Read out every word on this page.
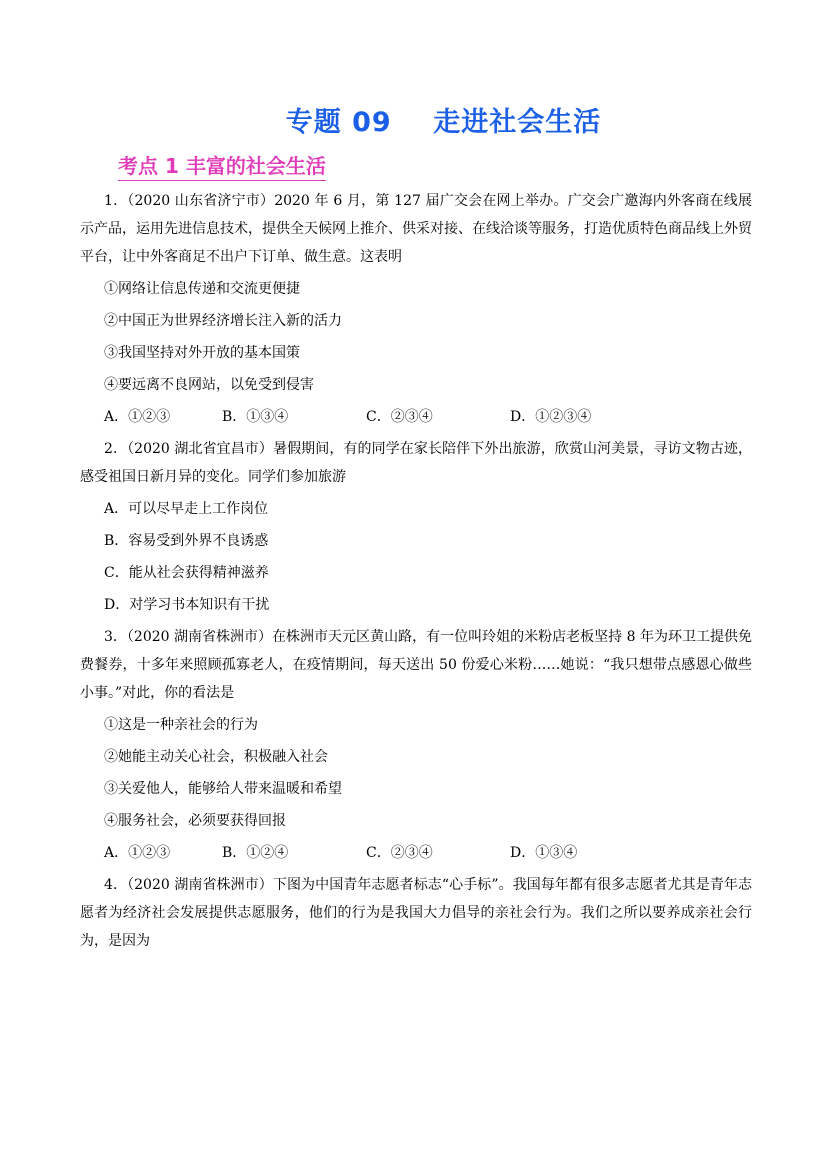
专题 09    走进社会生活
考点 1 丰富的社会生活

1．（2020 山东省济宁市）2020 年 6 月，第 127 届广交会在网上举办。广交会广邀海内外客商在线展示产品，运用先进信息技术，提供全天候网上推介、供采对接、在线洽谈等服务，打造优质特色商品线上外贸平台，让中外客商足不出户下订单、做生意。这表明

①网络让信息传递和交流更便捷
②中国正为世界经济增长注入新的活力
③我国坚持对外开放的基本国策
④要远离不良网站，以免受到侵害
A．①②③	B．①③④	C．②③④	D．①②③④

2．（2020 湖北省宜昌市）暑假期间，有的同学在家长陪伴下外出旅游，欣赏山河美景，寻访文物古迹，感受祖国日新月异的变化。同学们参加旅游

A．可以尽早走上工作岗位
B．容易受到外界不良诱惑
C．能从社会获得精神滋养
D．对学习书本知识有干扰

3．（2020 湖南省株洲市）在株洲市天元区黄山路，有一位叫玲姐的米粉店老板坚持 8 年为环卫工提供免费餐券，十多年来照顾孤寡老人，在疫情期间，每天送出 50 份爱心米粉……她说：“我只想带点感恩心做些小事。”对此，你的看法是

①这是一种亲社会的行为
②她能主动关心社会，积极融入社会
③关爱他人，能够给人带来温暖和希望
④服务社会，必须要获得回报
A．①②③	B．①②④	C．②③④	D．①③④

4．（2020 湖南省株洲市）下图为中国青年志愿者标志“心手标”。我国每年都有很多志愿者尤其是青年志愿者为经济社会发展提供志愿服务，他们的行为是我国大力倡导的亲社会行为。我们之所以要养成亲社会行为，是因为
